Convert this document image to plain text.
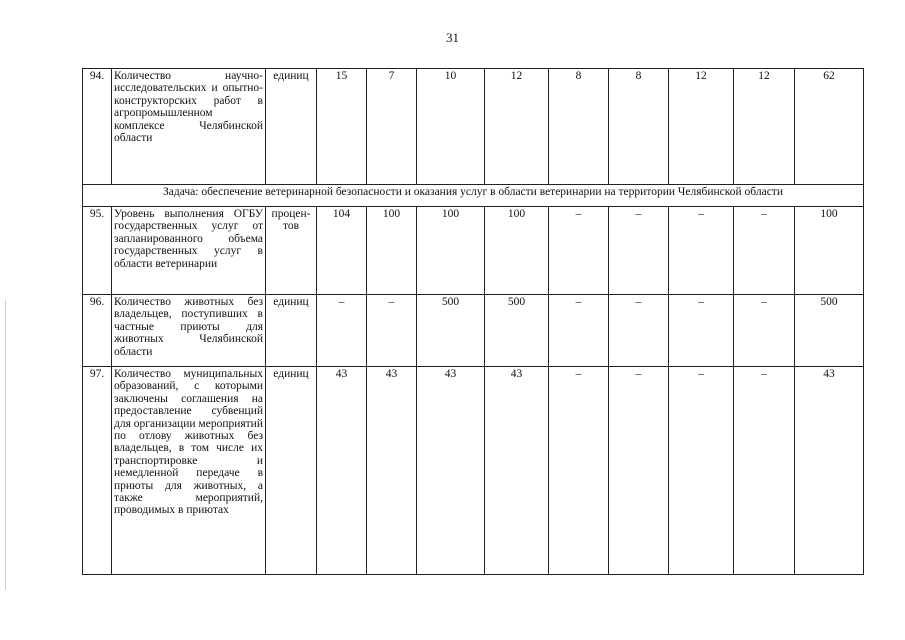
31
94.	Количество научно-исследовательских и опытно-конструкторских работ в агропромышленном комплексе Челябинской области	единиц	15	7	10	12	8	8	12	12	62
Задача: обеспечение ветеринарной безопасности и оказания услуг в области ветеринарии на территории Челябинской области											
95.	Уровень выполнения ОГБУ государственных услуг от запланированного объема государственных услуг в области ветеринарии	процен-тов	104	100	100	100	–	–	–	–	100
96.	Количество животных без владельцев, поступивших в частные приюты для животных Челябинской области	единиц	–	–	500	500	–	–	–	–	500
97.	Количество муниципальных образований, с которыми заключены соглашения на предоставление субвенций для организации мероприятий по отлову животных без владельцев, в том числе их транспортировке и немедленной передаче в приюты для животных, а также мероприятий, проводимых в приютах	единиц	43	43	43	43	–	–	–	–	43
